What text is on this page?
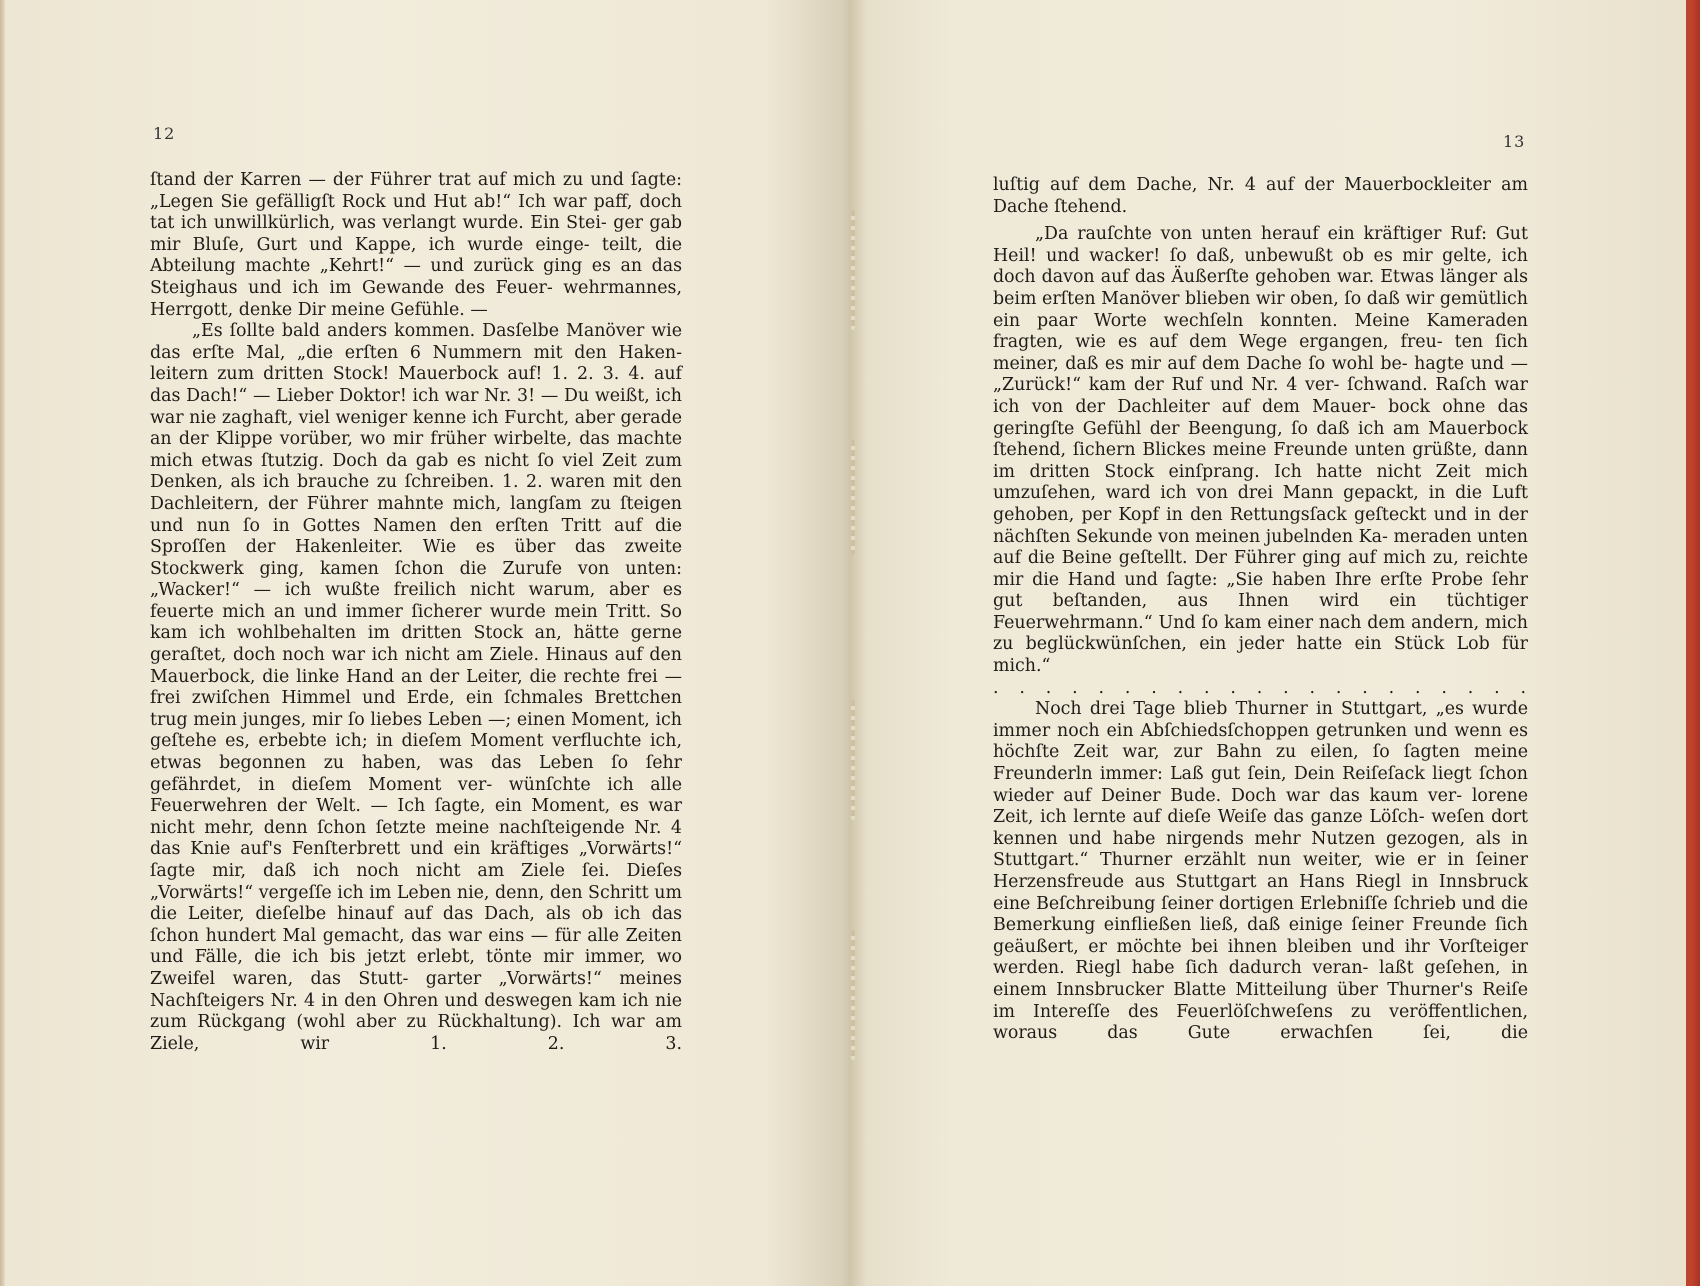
12

ſtand der Karren — der Führer trat auf mich zu und ſagte: „Legen Sie gefälligſt Rock und Hut ab!“ Ich war paff, doch tat ich unwillkürlich, was verlangt wurde. Ein Stei- ger gab mir Bluſe, Gurt und Kappe, ich wurde einge- teilt, die Abteilung machte „Kehrt!“ — und zurück ging es an das Steighaus und ich im Gewande des Feuer- wehrmannes, Herrgott, denke Dir meine Gefühle. —

„Es ſollte bald anders kommen. Dasſelbe Manöver wie das erſte Mal, „die erſten 6 Nummern mit den Haken- leitern zum dritten Stock! Mauerbock auf! 1. 2. 3. 4. auf das Dach!“ — Lieber Doktor! ich war Nr. 3! — Du weißt, ich war nie zaghaft, viel weniger kenne ich Furcht, aber gerade an der Klippe vorüber, wo mir früher wirbelte, das machte mich etwas ſtutzig. Doch da gab es nicht ſo viel Zeit zum Denken, als ich brauche zu ſchreiben. 1. 2. waren mit den Dachleitern, der Führer mahnte mich, langſam zu ſteigen und nun ſo in Gottes Namen den erſten Tritt auf die Sproſſen der Hakenleiter. Wie es über das zweite Stockwerk ging, kamen ſchon die Zurufe von unten: „Wacker!“ — ich wußte freilich nicht warum, aber es feuerte mich an und immer ſicherer wurde mein Tritt. So kam ich wohlbehalten im dritten Stock an, hätte gerne geraſtet, doch noch war ich nicht am Ziele. Hinaus auf den Mauerbock, die linke Hand an der Leiter, die rechte frei — frei zwiſchen Himmel und Erde, ein ſchmales Brettchen trug mein junges, mir ſo liebes Leben —; einen Moment, ich geſtehe es, erbebte ich; in dieſem Moment verfluchte ich, etwas begonnen zu haben, was das Leben ſo ſehr gefährdet, in dieſem Moment ver- wünſchte ich alle Feuerwehren der Welt. — Ich ſagte, ein Moment, es war nicht mehr, denn ſchon ſetzte meine nachſteigende Nr. 4 das Knie auf's Fenſterbrett und ein kräftiges „Vorwärts!“ ſagte mir, daß ich noch nicht am Ziele ſei. Dieſes „Vorwärts!“ vergeſſe ich im Leben nie, denn, den Schritt um die Leiter, dieſelbe hinauf auf das Dach, als ob ich das ſchon hundert Mal gemacht, das war eins — für alle Zeiten und Fälle, die ich bis jetzt erlebt, tönte mir immer, wo Zweifel waren, das Stutt- garter „Vorwärts!“ meines Nachſteigers Nr. 4 in den Ohren und deswegen kam ich nie zum Rückgang (wohl aber zu Rückhaltung). Ich war am Ziele, wir 1. 2. 3.

13

luſtig auf dem Dache, Nr. 4 auf der Mauerbockleiter am Dache ſtehend.

„Da rauſchte von unten herauf ein kräftiger Ruf: Gut Heil! und wacker! ſo daß, unbewußt ob es mir gelte, ich doch davon auf das Äußerſte gehoben war. Etwas länger als beim erſten Manöver blieben wir oben, ſo daß wir gemütlich ein paar Worte wechſeln konnten. Meine Kameraden fragten, wie es auf dem Wege ergangen, freu- ten ſich meiner, daß es mir auf dem Dache ſo wohl be- hagte und — „Zurück!“ kam der Ruf und Nr. 4 ver- ſchwand. Raſch war ich von der Dachleiter auf dem Mauer- bock ohne das geringſte Gefühl der Beengung, ſo daß ich am Mauerbock ſtehend, ſichern Blickes meine Freunde unten grüßte, dann im dritten Stock einſprang. Ich hatte nicht Zeit mich umzuſehen, ward ich von drei Mann gepackt, in die Luft gehoben, per Kopf in den Rettungsſack geſteckt und in der nächſten Sekunde von meinen jubelnden Ka- meraden unten auf die Beine geſtellt. Der Führer ging auf mich zu, reichte mir die Hand und ſagte: „Sie haben Ihre erſte Probe ſehr gut beſtanden, aus Ihnen wird ein tüchtiger Feuerwehrmann.“ Und ſo kam einer nach dem andern, mich zu beglückwünſchen, ein jeder hatte ein Stück Lob für mich.“

. . . . . . . . . . . . . . . . . . . . .

Noch drei Tage blieb Thurner in Stuttgart, „es wurde immer noch ein Abſchiedsſchoppen getrunken und wenn es höchſte Zeit war, zur Bahn zu eilen, ſo ſagten meine Freunderln immer: Laß gut ſein, Dein Reiſeſack liegt ſchon wieder auf Deiner Bude. Doch war das kaum ver- lorene Zeit, ich lernte auf dieſe Weiſe das ganze Löſch- weſen dort kennen und habe nirgends mehr Nutzen gezogen, als in Stuttgart.“ Thurner erzählt nun weiter, wie er in ſeiner Herzensfreude aus Stuttgart an Hans Riegl in Innsbruck eine Beſchreibung ſeiner dortigen Erlebniſſe ſchrieb und die Bemerkung einfließen ließ, daß einige ſeiner Freunde ſich geäußert, er möchte bei ihnen bleiben und ihr Vorſteiger werden. Riegl habe ſich dadurch veran- laßt geſehen, in einem Innsbrucker Blatte Mitteilung über Thurner's Reiſe im Intereſſe des Feuerlöſchweſens zu veröffentlichen, woraus das Gute erwachſen ſei, die
